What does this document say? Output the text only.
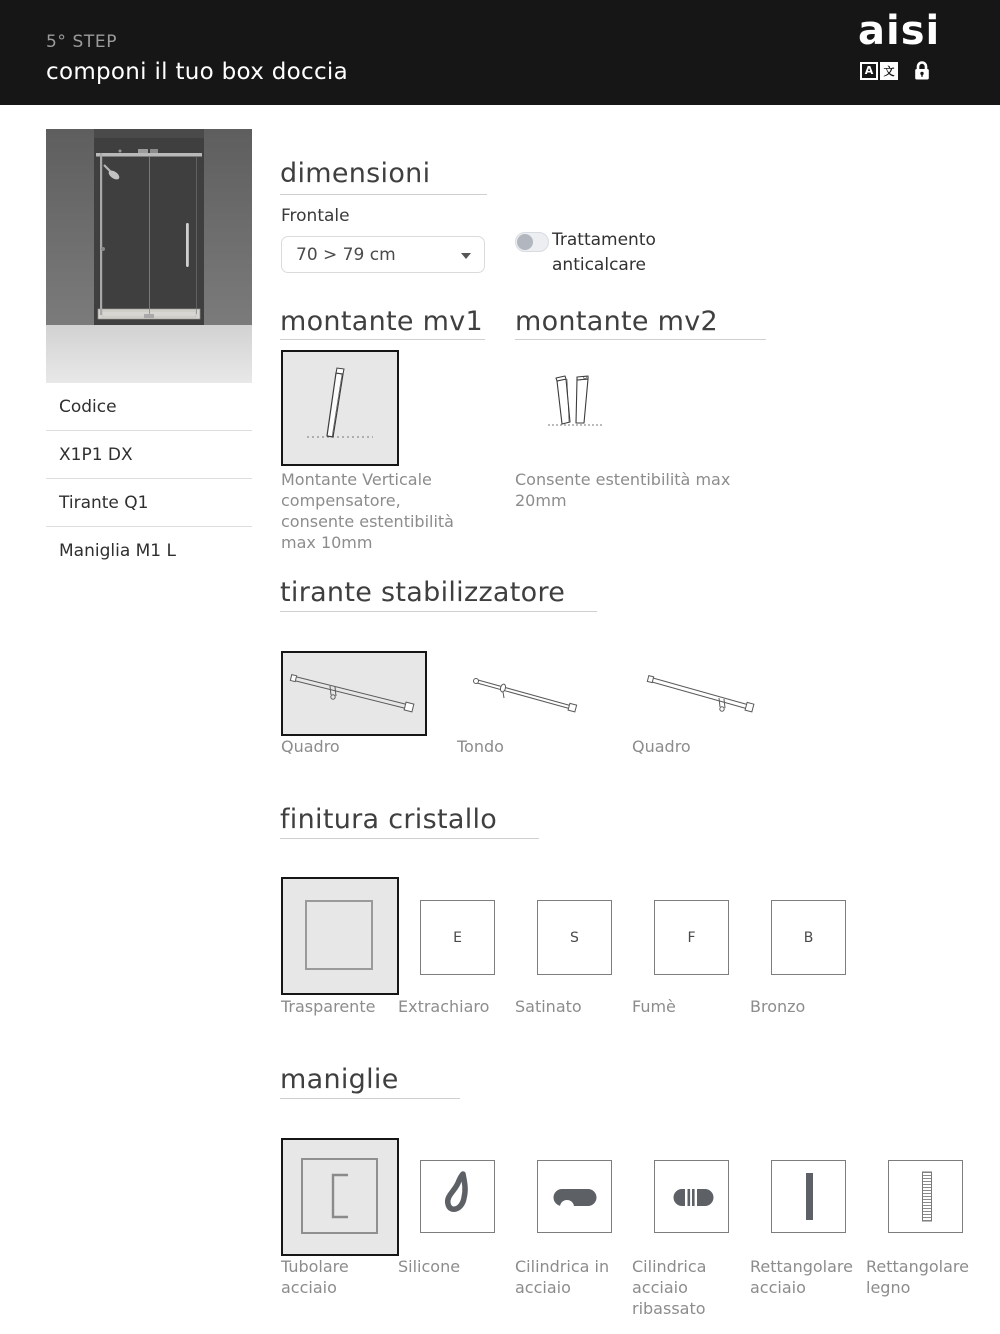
5° STEP
componi il tuo box doccia
aisi
A 文
Codice
X1P1 DX
Tirante Q1
Maniglia M1 L
dimensioni
Frontale
70 > 79 cm
Trattamento anticalcare
montante mv1 montante mv2
Montante Verticale compensatore, consente estentibilità max 10mm
Consente estentibilità max 20mm
tirante stabilizzatore
Quadro	Tondo	Quadro
finitura cristallo
E	S	F	B
Trasparente Extrachiaro Satinato	Fumè	Bronzo
maniglie
Tubolare acciaio
Silicone	Cilindrica in acciaio
Cilindrica acciaio ribassato
Rettangolare acciaio
Rettangolare legno
